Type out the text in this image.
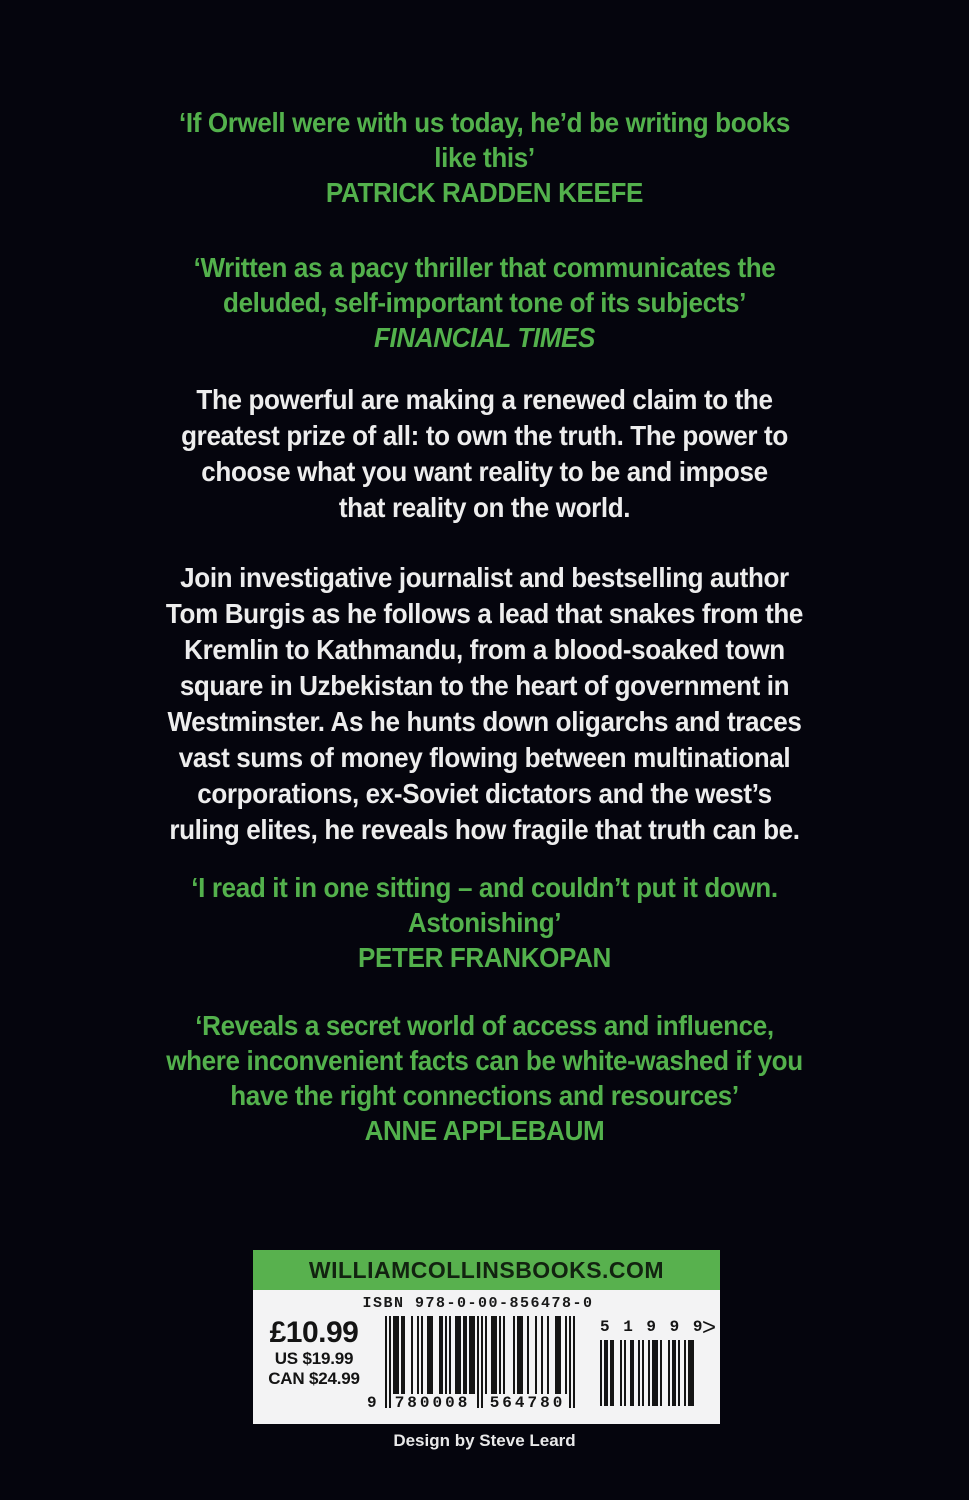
‘If Orwell were with us today, he’d be writing books
like this’
PATRICK RADDEN KEEFE
‘Written as a pacy thriller that communicates the
deluded, self-important tone of its subjects’
FINANCIAL TIMES
The powerful are making a renewed claim to the
greatest prize of all: to own the truth. The power to
choose what you want reality to be and impose
that reality on the world.
Join investigative journalist and bestselling author
Tom Burgis as he follows a lead that snakes from the
Kremlin to Kathmandu, from a blood-soaked town
square in Uzbekistan to the heart of government in
Westminster. As he hunts down oligarchs and traces
vast sums of money flowing between multinational
corporations, ex-Soviet dictators and the west’s
ruling elites, he reveals how fragile that truth can be.
‘I read it in one sitting – and couldn’t put it down.
Astonishing’
PETER FRANKOPAN
‘Reveals a secret world of access and influence,
where inconvenient facts can be white-washed if you
have the right connections and resources’
ANNE APPLEBAUM
WILLIAMCOLLINSBOOKS.COM
ISBN 978-0-00-856478-0
£10.99
US $19.99
CAN $24.99
9 780008 564780
5 1 9 9 9
>
Design by Steve Leard
